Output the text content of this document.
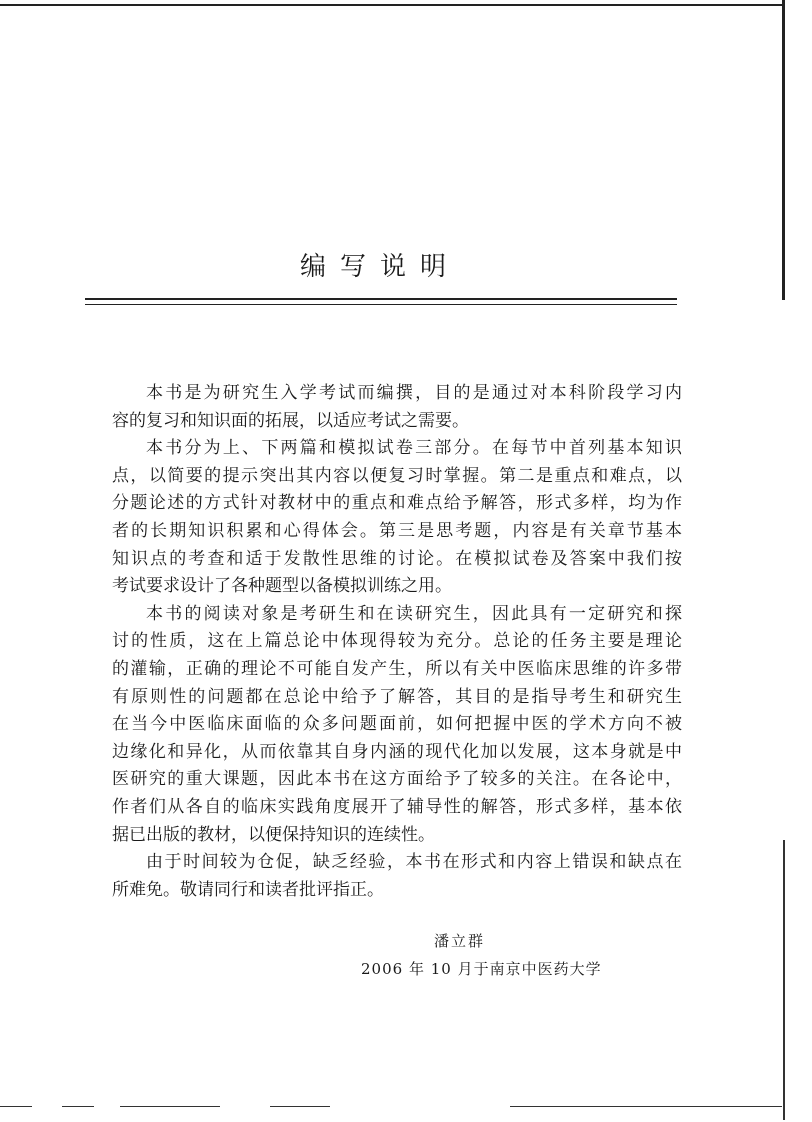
编写说明
本书是为研究生入学考试而编撰，目的是通过对本科阶段学习内
容的复习和知识面的拓展，以适应考试之需要。
本书分为上、下两篇和模拟试卷三部分。在每节中首列基本知识
点，以简要的提示突出其内容以便复习时掌握。第二是重点和难点，以
分题论述的方式针对教材中的重点和难点给予解答，形式多样，均为作
者的长期知识积累和心得体会。第三是思考题，内容是有关章节基本
知识点的考查和适于发散性思维的讨论。在模拟试卷及答案中我们按
考试要求设计了各种题型以备模拟训练之用。
本书的阅读对象是考研生和在读研究生，因此具有一定研究和探
讨的性质，这在上篇总论中体现得较为充分。总论的任务主要是理论
的灌输，正确的理论不可能自发产生，所以有关中医临床思维的许多带
有原则性的问题都在总论中给予了解答，其目的是指导考生和研究生
在当今中医临床面临的众多问题面前，如何把握中医的学术方向不被
边缘化和异化，从而依靠其自身内涵的现代化加以发展，这本身就是中
医研究的重大课题，因此本书在这方面给予了较多的关注。在各论中，
作者们从各自的临床实践角度展开了辅导性的解答，形式多样，基本依
据已出版的教材，以便保持知识的连续性。
由于时间较为仓促，缺乏经验，本书在形式和内容上错误和缺点在
所难免。敬请同行和读者批评指正。
潘立群
2006 年 10 月于南京中医药大学
